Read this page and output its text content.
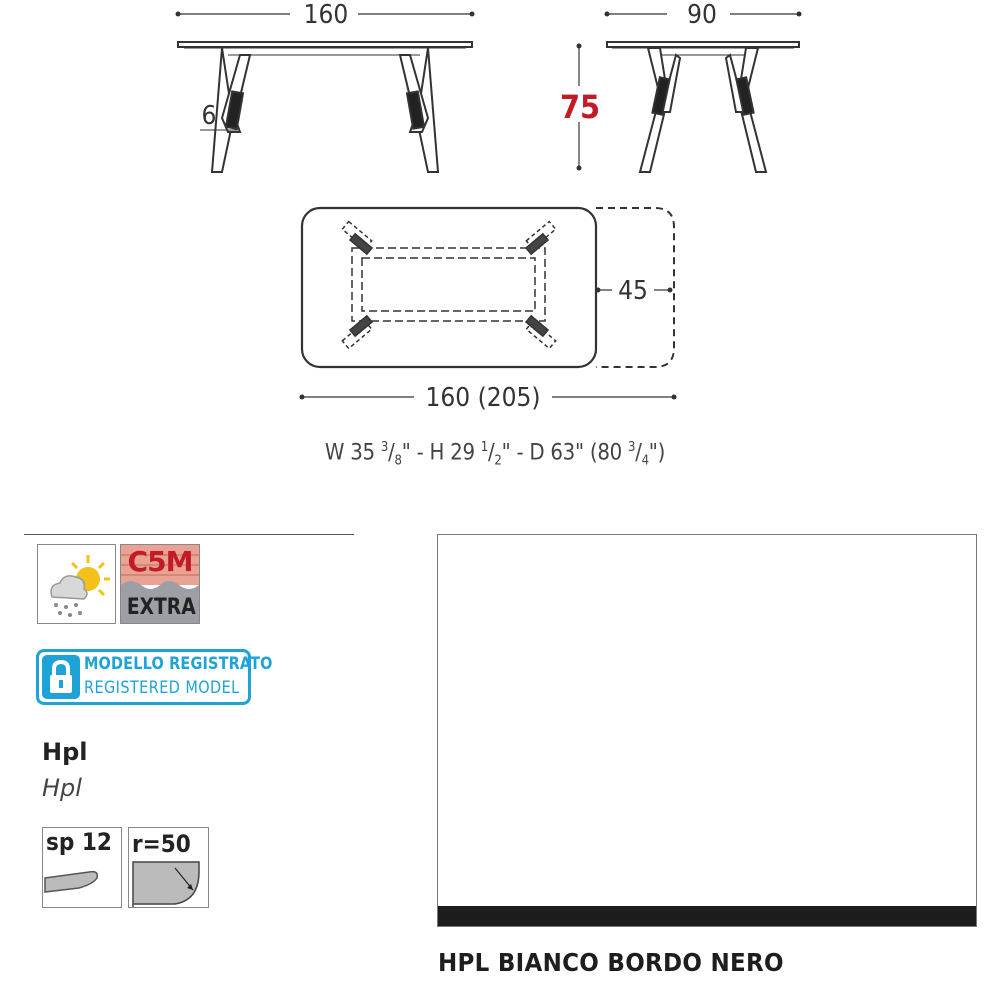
160
6	75
90
45
160 (205)
W 35 $^3/_8$" - H 29 $^1/_2$" - D 63" (80 $^3/_4$")
C5M
EXTRA
MODELLO REGISTRATO
REGISTERED MODEL
Hpl
Hpl
sp 12 r=50
HPL BIANCO BORDO NERO
